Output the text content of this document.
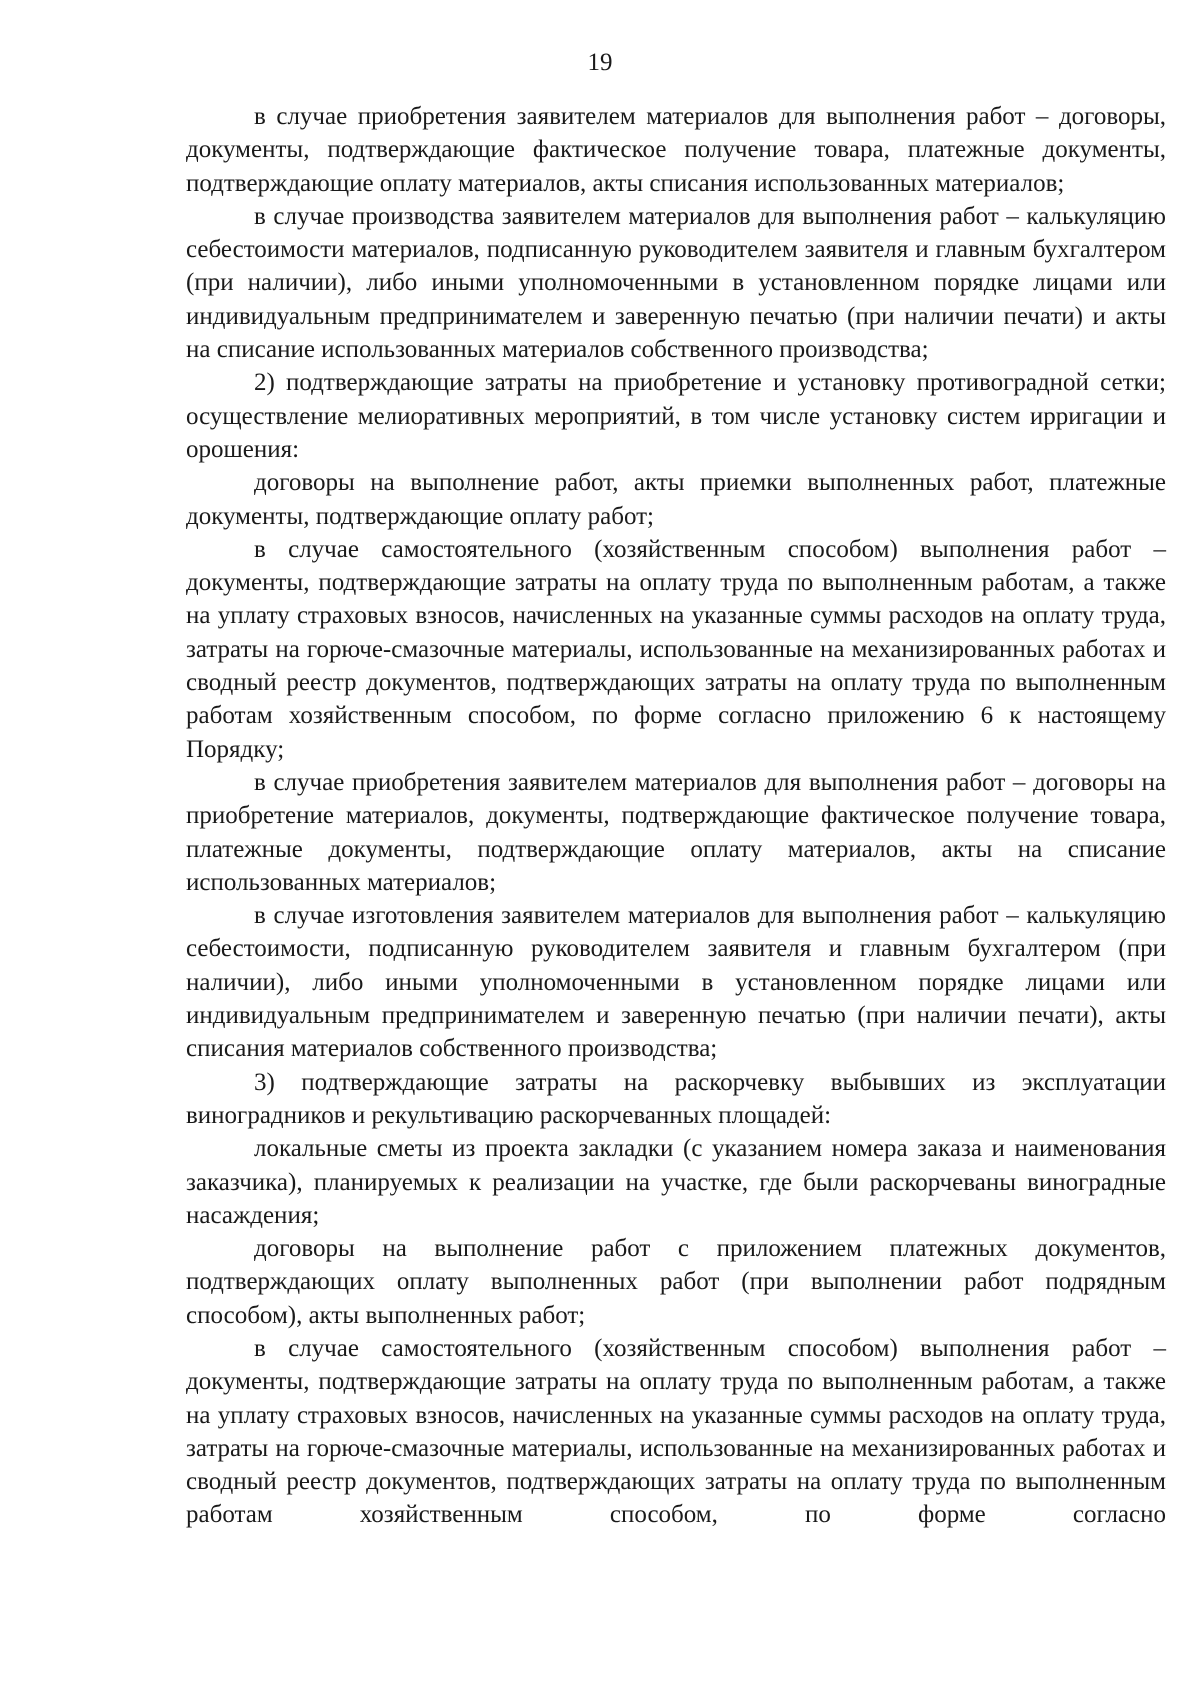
19

в случае приобретения заявителем материалов для выполнения работ – договоры, документы, подтверждающие фактическое получение товара, платежные документы, подтверждающие оплату материалов, акты списания использованных материалов;

в случае производства заявителем материалов для выполнения работ – калькуляцию себестоимости материалов, подписанную руководителем заявителя и главным бухгалтером (при наличии), либо иными уполномоченными в установленном порядке лицами или индивидуальным предпринимателем и заверенную печатью (при наличии печати) и акты на списание использованных материалов собственного производства;

2) подтверждающие затраты на приобретение и установку противоградной сетки; осуществление мелиоративных мероприятий, в том числе установку систем ирригации и орошения:

договоры на выполнение работ, акты приемки выполненных работ, платежные документы, подтверждающие оплату работ;

в случае самостоятельного (хозяйственным способом) выполнения работ – документы, подтверждающие затраты на оплату труда по выполненным работам, а также на уплату страховых взносов, начисленных на указанные суммы расходов на оплату труда, затраты на горюче-смазочные материалы, использованные на механизированных работах и сводный реестр документов, подтверждающих затраты на оплату труда по выполненным работам хозяйственным способом, по форме согласно приложению 6 к настоящему Порядку;

в случае приобретения заявителем материалов для выполнения работ – договоры на приобретение материалов, документы, подтверждающие фактическое получение товара, платежные документы, подтверждающие оплату материалов, акты на списание использованных материалов;

в случае изготовления заявителем материалов для выполнения работ – калькуляцию себестоимости, подписанную руководителем заявителя и главным бухгалтером (при наличии), либо иными уполномоченными в установленном порядке лицами или индивидуальным предпринимателем и заверенную печатью (при наличии печати), акты списания материалов собственного производства;

3) подтверждающие затраты на раскорчевку выбывших из эксплуатации виноградников и рекультивацию раскорчеванных площадей:

локальные сметы из проекта закладки (с указанием номера заказа и наименования заказчика), планируемых к реализации на участке, где были раскорчеваны виноградные насаждения;

договоры на выполнение работ с приложением платежных документов, подтверждающих оплату выполненных работ (при выполнении работ подрядным способом), акты выполненных работ;

в случае самостоятельного (хозяйственным способом) выполнения работ – документы, подтверждающие затраты на оплату труда по выполненным работам, а также на уплату страховых взносов, начисленных на указанные суммы расходов на оплату труда, затраты на горюче-смазочные материалы, использованные на механизированных работах и сводный реестр документов, подтверждающих затраты на оплату труда по выполненным работам хозяйственным способом, по форме согласно
